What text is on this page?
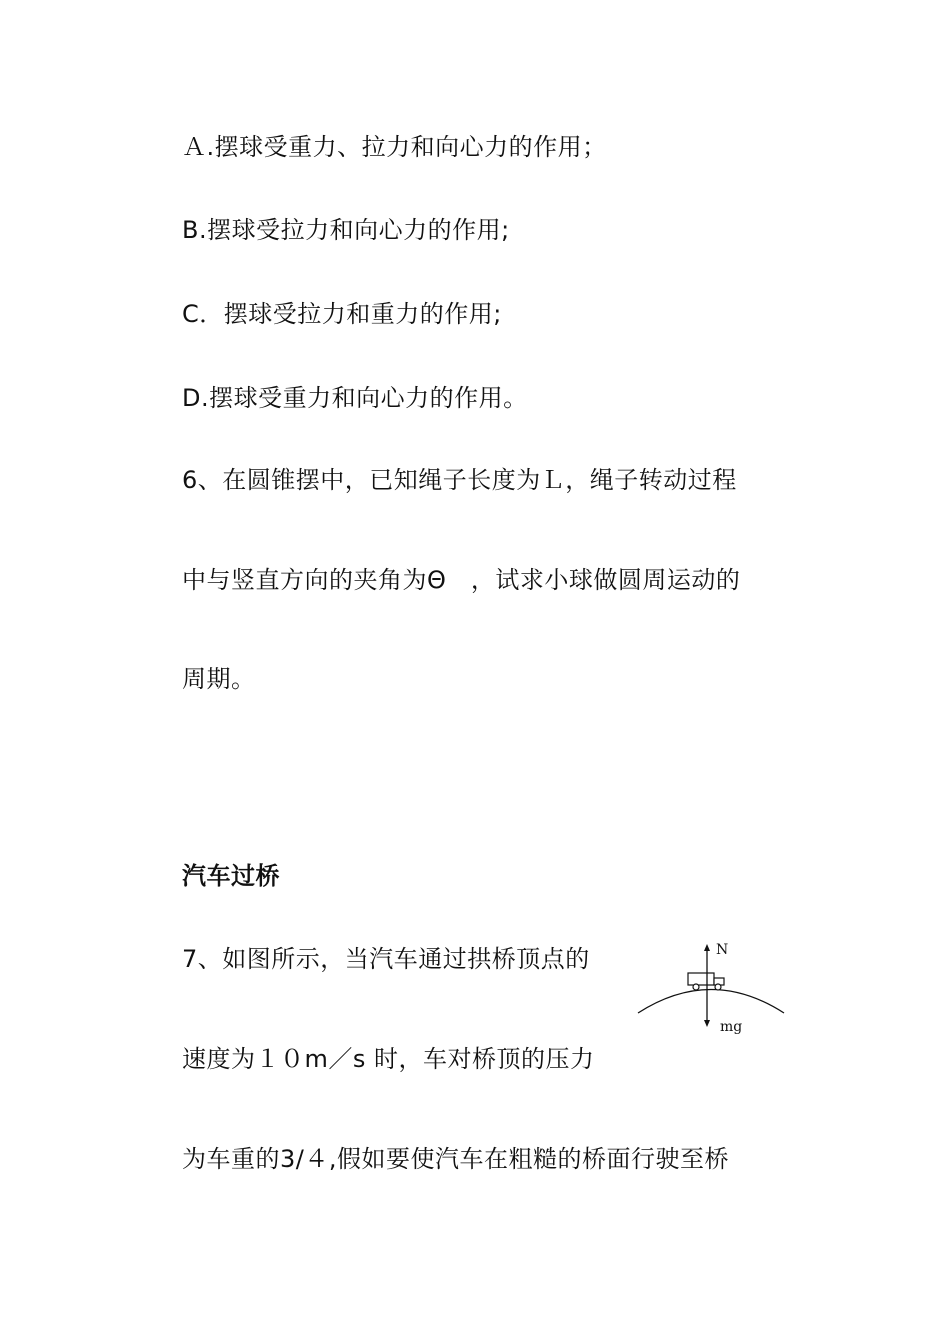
Ａ.摆球受重力、拉力和向心力的作用；
B.摆球受拉力和向心力的作用;
C．摆球受拉力和重力的作用;
D.摆球受重力和向心力的作用。
6、在圆锥摆中，已知绳子长度为Ｌ，绳子转动过程
中与竖直方向的夹角为Θ　，试求小球做圆周运动的
周期。
汽车过桥
7、如图所示，当汽车通过拱桥顶点的
速度为１０m／s 时，车对桥顶的压力
为车重的3/４,假如要使汽车在粗糙的桥面行驶至桥
N
mg
